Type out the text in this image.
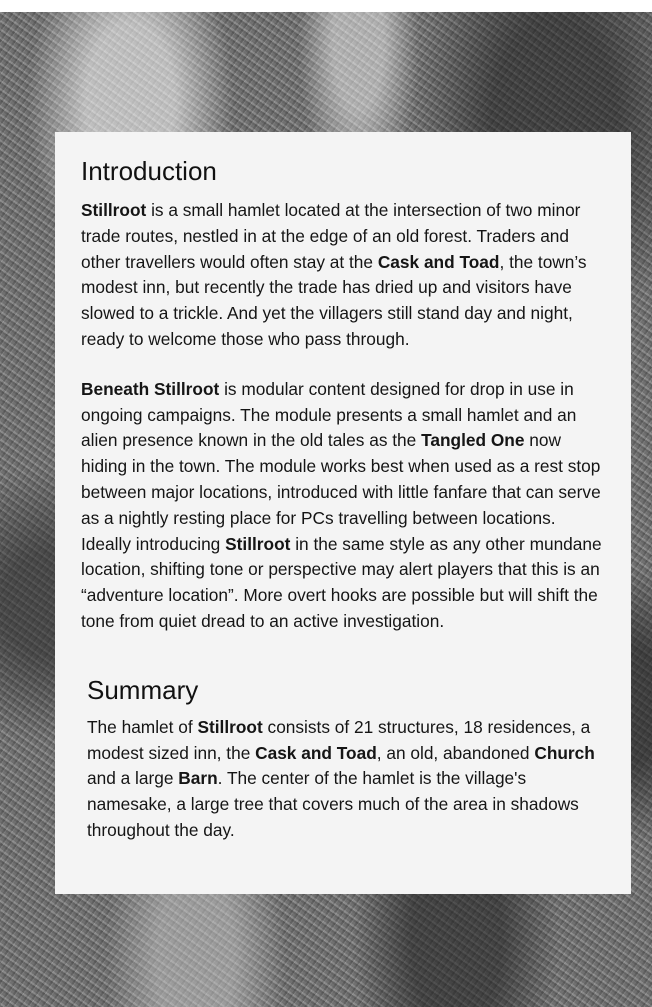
Introduction

Stillroot is a small hamlet located at the intersection of two minor trade routes, nestled in at the edge of an old forest. Traders and other travellers would often stay at the Cask and Toad, the town’s modest inn, but recently the trade has dried up and visitors have slowed to a trickle. And yet the villagers still stand day and night, ready to welcome those who pass through.

Beneath Stillroot is modular content designed for drop in use in ongoing campaigns. The module presents a small hamlet and an alien presence known in the old tales as the Tangled One now hiding in the town. The module works best when used as a rest stop between major locations, introduced with little fanfare that can serve as a nightly resting place for PCs travelling between locations. Ideally introducing Stillroot in the same style as any other mundane location, shifting tone or perspective may alert players that this is an “adventure location”. More overt hooks are possible but will shift the tone from quiet dread to an active investigation.

Summary

The hamlet of Stillroot consists of 21 structures, 18 residences, a modest sized inn, the Cask and Toad, an old, abandoned Church and a large Barn. The center of the hamlet is the village's namesake, a large tree that covers much of the area in shadows throughout the day.
